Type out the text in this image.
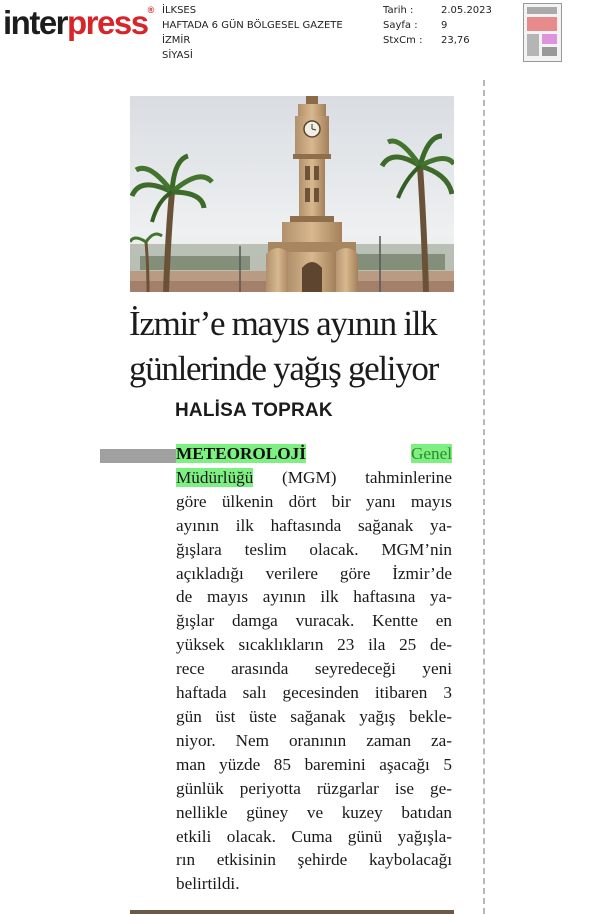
interpress® İLKSES
HAFTADA 6 GÜN BÖLGESEL GAZETE
İZMİR
SİYASİ
Tarih :	2.05.2023
Sayfa :	9
StxCm :	23,76
İzmir’e mayıs ayının ilk
günlerinde yağış geliyor
HALİSA TOPRAK
METEOROLOJİ	Genel
Müdürlüğü (MGM) tahminlerine
göre ülkenin dört bir yanı mayıs
ayının ilk haftasında sağanak ya-
ğışlara teslim olacak. MGM’nin
açıkladığı verilere göre İzmir’de
de mayıs ayının ilk haftasına ya-
ğışlar damga vuracak. Kentte en
yüksek sıcaklıkların 23 ila 25 de-
rece arasında seyredeceği yeni
haftada salı gecesinden itibaren 3
gün üst üste sağanak yağış bekle-
niyor. Nem oranının zaman za-
man yüzde 85 baremini aşacağı 5
günlük periyotta rüzgarlar ise ge-
nellikle güney ve kuzey batıdan
etkili olacak. Cuma günü yağışla-
rın etkisinin şehirde kaybolacağı
belirtildi.
